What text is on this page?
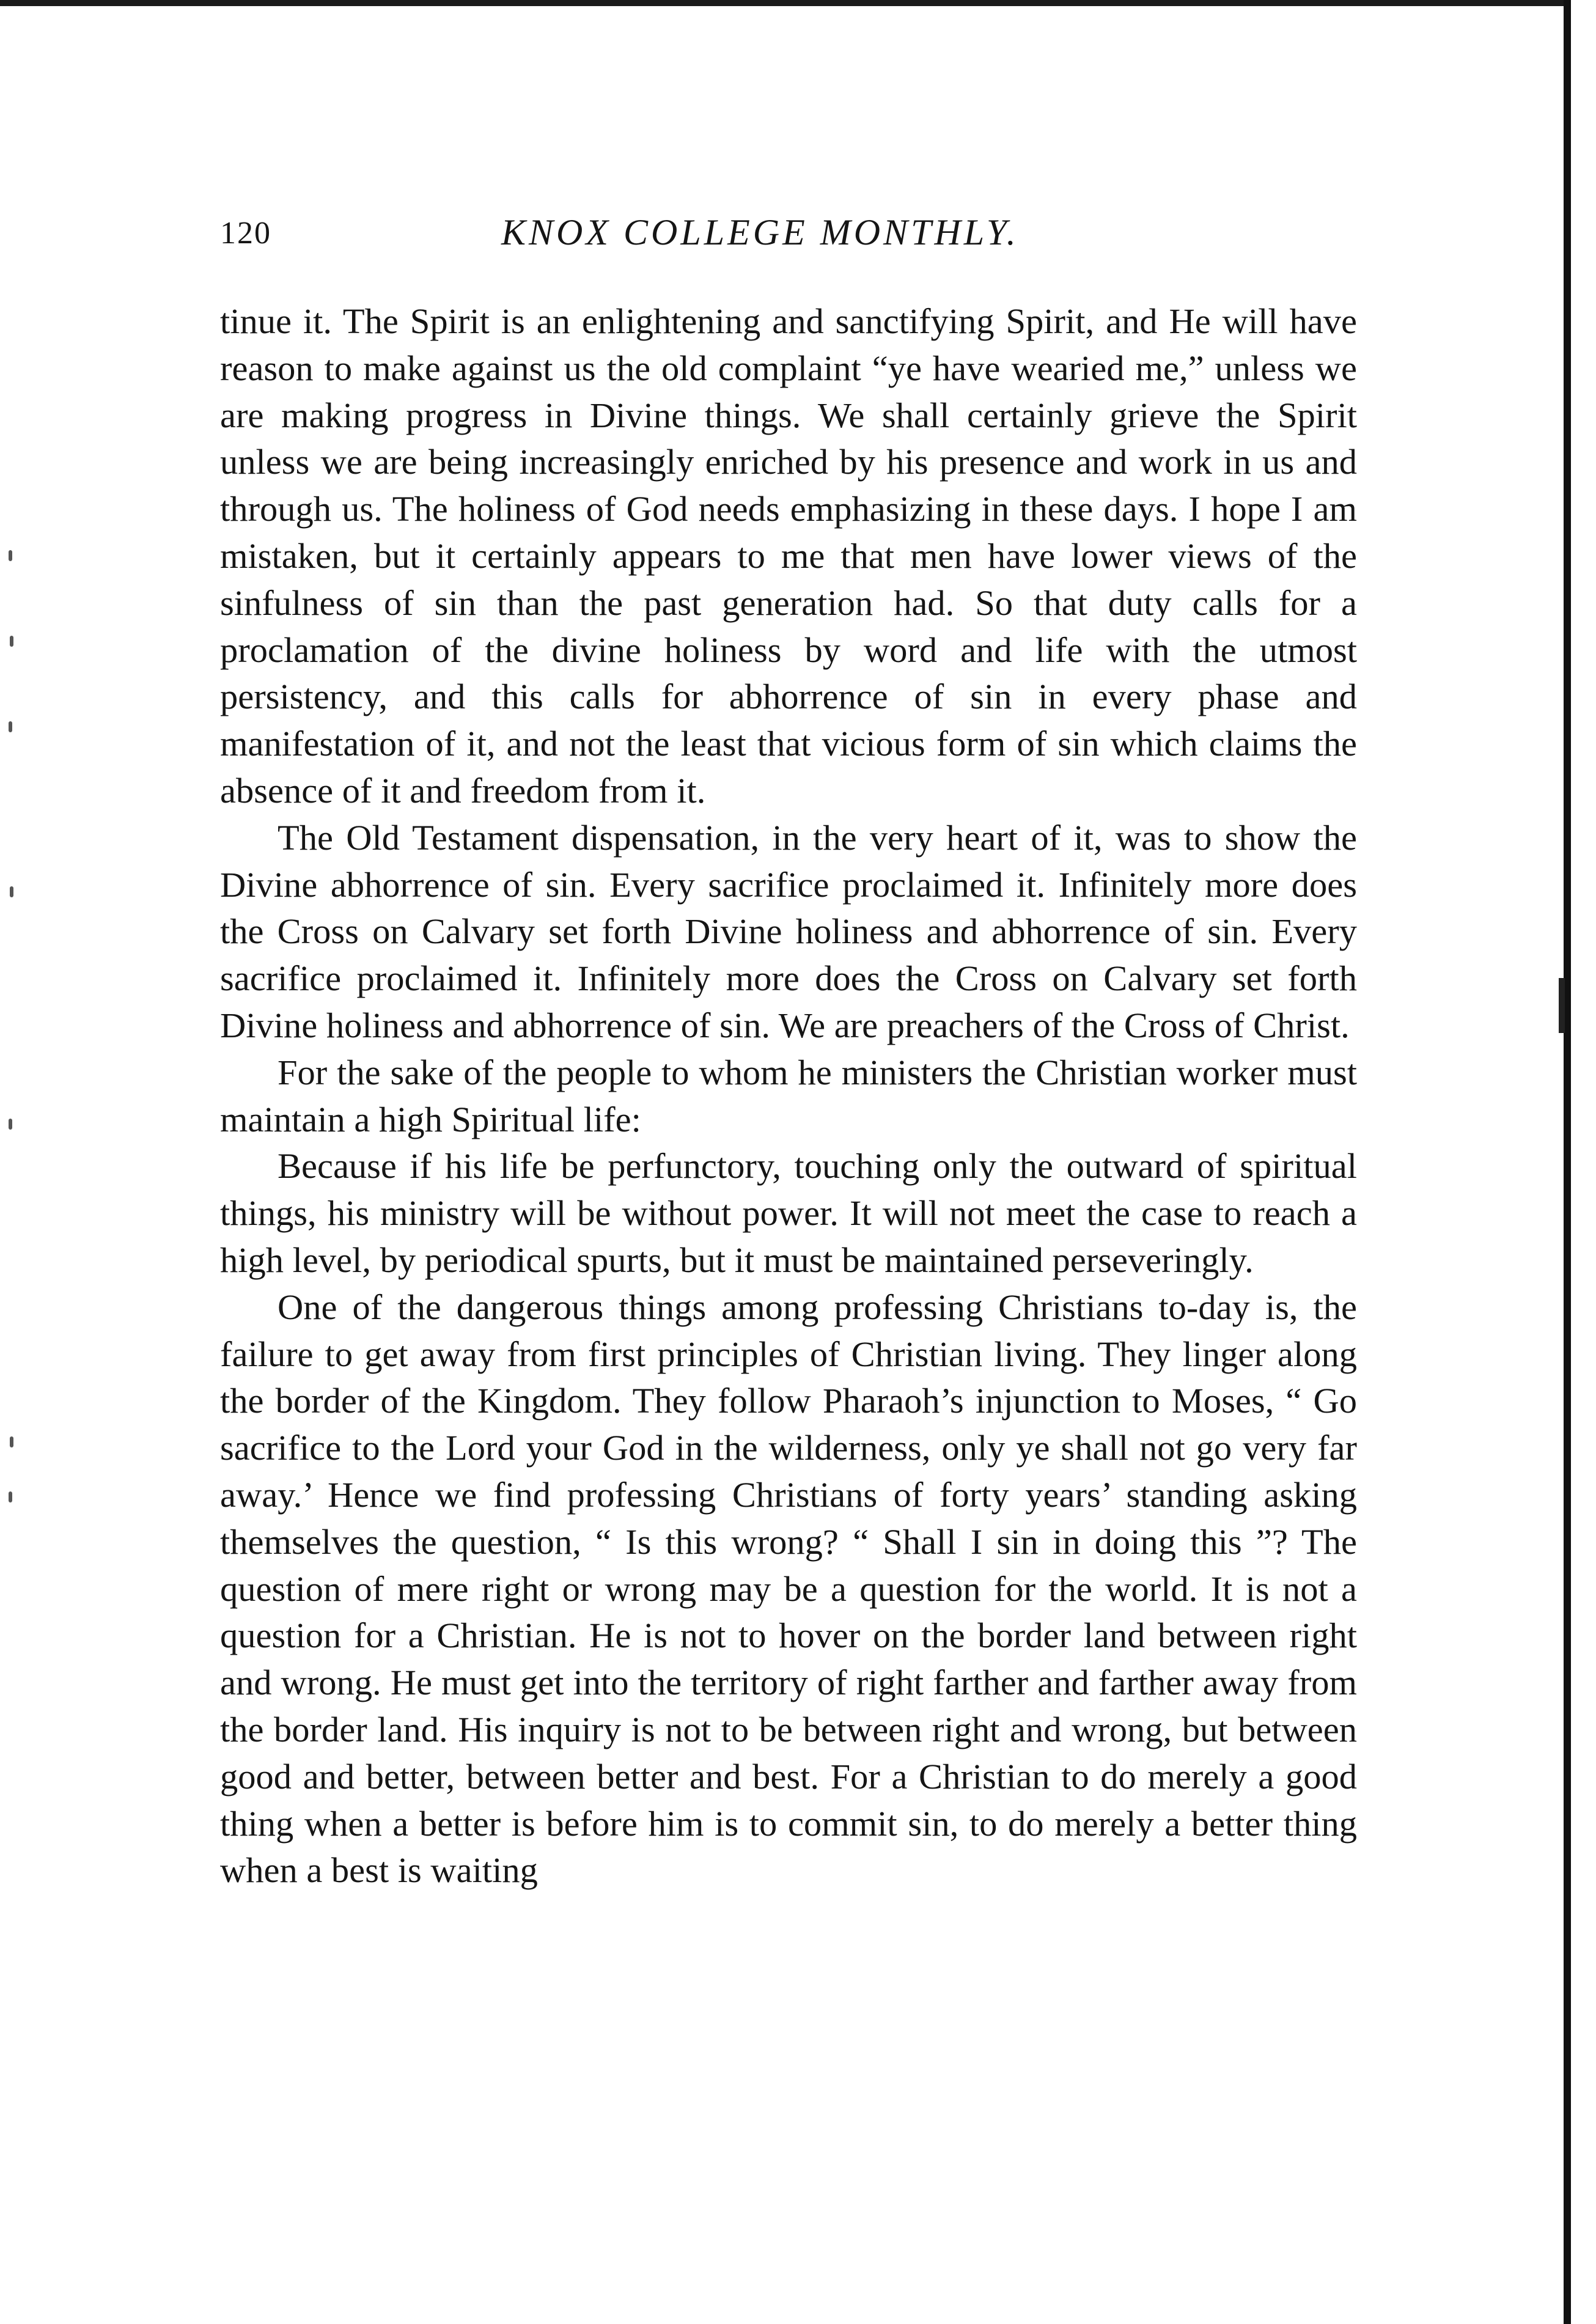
120	KNOX COLLEGE MONTHLY.

tinue it. The Spirit is an enlightening and sanctifying Spirit, and He will have reason to make against us the old complaint “ye have wearied me,” unless we are making progress in Divine things. We shall certainly grieve the Spirit unless we are being increasingly enriched by his presence and work in us and through us. The holiness of God needs emphasizing in these days. I hope I am mistaken, but it certainly appears to me that men have lower views of the sinfulness of sin than the past generation had. So that duty calls for a proclamation of the divine holiness by word and life with the utmost persistency, and this calls for abhorrence of sin in every phase and manifestation of it, and not the least that vicious form of sin which claims the absence of it and freedom from it.

The Old Testament dispensation, in the very heart of it, was to show the Divine abhorrence of sin. Every sacrifice proclaimed it. Infinitely more does the Cross on Calvary set forth Divine holiness and abhorrence of sin. Every sacrifice proclaimed it. Infinitely more does the Cross on Calvary set forth Divine holiness and abhorrence of sin. We are preachers of the Cross of Christ.

For the sake of the people to whom he ministers the Christian worker must maintain a high Spiritual life:

Because if his life be perfunctory, touching only the outward of spiritual things, his ministry will be without power. It will not meet the case to reach a high level, by periodical spurts, but it must be maintained perseveringly.

One of the dangerous things among professing Christians to-day is, the failure to get away from first principles of Christian living. They linger along the border of the Kingdom. They follow Pharaoh’s injunction to Moses, “ Go sacrifice to the Lord your God in the wilderness, only ye shall not go very far away.’ Hence we find professing Christians of forty years’ standing asking themselves the question, “ Is this wrong? “ Shall I sin in doing this ”? The question of mere right or wrong may be a question for the world. It is not a question for a Christian. He is not to hover on the border land between right and wrong. He must get into the territory of right farther and farther away from the border land. His inquiry is not to be between right and wrong, but between good and better, between better and best. For a Christian to do merely a good thing when a better is before him is to commit sin, to do merely a better thing when a best is waiting
